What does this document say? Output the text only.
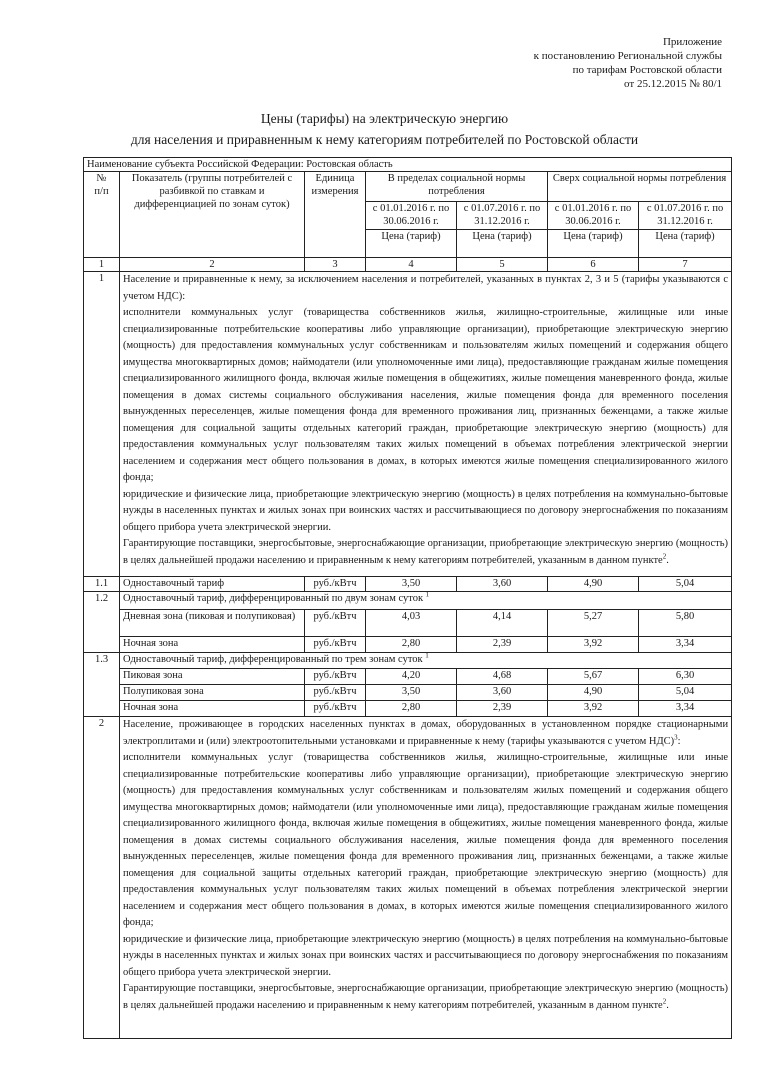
Приложение
к постановлению Региональной службы
по тарифам Ростовской области
от 25.12.2015 № 80/1
Цены (тарифы) на электрическую энергию
для населения и приравненным к нему категориям потребителей по Ростовской области
Наименование субъекта Российской Федерации: Ростовская область						
№
п/п	Показатель (группы потребителей с разбивкой по ставкам и дифференциацией по зонам суток)	Единица измерения	В пределах социальной нормы потребления		Сверх социальной нормы потребления	
			с 01.01.2016 г. по 30.06.2016 г.	с 01.07.2016 г. по 31.12.2016 г.	с 01.01.2016 г. по 30.06.2016 г.	с 01.07.2016 г. по 31.12.2016 г.
			Цена (тариф)	Цена (тариф)	Цена (тариф)	Цена (тариф)
1	2	3	4	5	6	7
1	Население и приравненные к нему, за исключением населения и потребителей, указанных в пунктах 2, 3 и 5 (тарифы указываются с учетом НДС):

исполнители коммунальных услуг (товарищества собственников жилья, жилищно-строительные, жилищные или иные специализированные потребительские кооперативы либо управляющие организации), приобретающие электрическую энергию (мощность) для предоставления коммунальных услуг собственникам и пользователям жилых помещений и содержания общего имущества многоквартирных домов; наймодатели (или уполномоченные ими лица), предоставляющие гражданам жилые помещения специализированного жилищного фонда, включая жилые помещения в общежитиях, жилые помещения маневренного фонда, жилые помещения в домах системы социального обслуживания населения, жилые помещения фонда для временного поселения вынужденных переселенцев, жилые помещения фонда для временного проживания лиц, признанных беженцами, а также жилые помещения для социальной защиты отдельных категорий граждан, приобретающие электрическую энергию (мощность) для предоставления коммунальных услуг пользователям таких жилых помещений в объемах потребления электрической энергии населением и содержания мест общего пользования в домах, в которых имеются жилые помещения специализированного жилого фонда;

юридические и физические лица, приобретающие электрическую энергию (мощность) в целях потребления на коммунально-бытовые нужды в населенных пунктах и жилых зонах при воинских частях и рассчитывающиеся по договору энергоснабжения по показаниям общего прибора учета электрической энергии.

Гарантирующие поставщики, энергосбытовые, энергоснабжающие организации, приобретающие электрическую энергию (мощность) в целях дальнейшей продажи населению и приравненным к нему категориям потребителей, указанным в данном пункте$^2$.					

1.1	Одноставочный тариф	руб./кВтч	3,50	3,60	4,90	5,04
1.2	Одноставочный тариф, дифференцированный по двум зонам суток $^1$
	Дневная зона (пиковая и полупиковая)	руб./кВтч	4,03	4,14	5,27	5,80
	Ночная зона	руб./кВтч	2,80	2,39	3,92	3,34
1.3	Одноставочный тариф, дифференцированный по трем зонам суток $^1$
	Пиковая зона	руб./кВтч	4,20	4,68	5,67	6,30
	Полупиковая зона	руб./кВтч	3,50	3,60	4,90	5,04
	Ночная зона	руб./кВтч	2,80	2,39	3,92	3,34
2	Население, проживающее в городских населенных пунктах в домах, оборудованных в установленном порядке стационарными электроплитами и (или) электроотопительными установками и приравненные к нему (тарифы указываются с учетом НДС)$^3$:

исполнители коммунальных услуг (товарищества собственников жилья, жилищно-строительные, жилищные или иные специализированные потребительские кооперативы либо управляющие организации), приобретающие электрическую энергию (мощность) для предоставления коммунальных услуг собственникам и пользователям жилых помещений и содержания общего имущества многоквартирных домов; наймодатели (или уполномоченные ими лица), предоставляющие гражданам жилые помещения специализированного жилищного фонда, включая жилые помещения в общежитиях, жилые помещения маневренного фонда, жилые помещения в домах системы социального обслуживания населения, жилые помещения фонда для временного поселения вынужденных переселенцев, жилые помещения фонда для временного проживания лиц, признанных беженцами, а также жилые помещения для социальной защиты отдельных категорий граждан, приобретающие электрическую энергию (мощность) для предоставления коммунальных услуг пользователям таких жилых помещений в объемах потребления электрической энергии населением и содержания мест общего пользования в домах, в которых имеются жилые помещения специализированного жилого фонда;

юридические и физические лица, приобретающие электрическую энергию (мощность) в целях потребления на коммунально-бытовые нужды в населенных пунктах и жилых зонах при воинских частях и рассчитывающиеся по договору энергоснабжения по показаниям общего прибора учета электрической энергии.

Гарантирующие поставщики, энергосбытовые, энергоснабжающие организации, приобретающие электрическую энергию (мощность) в целях дальнейшей продажи населению и приравненным к нему категориям потребителей, указанным в данном пункте$^2$.					
